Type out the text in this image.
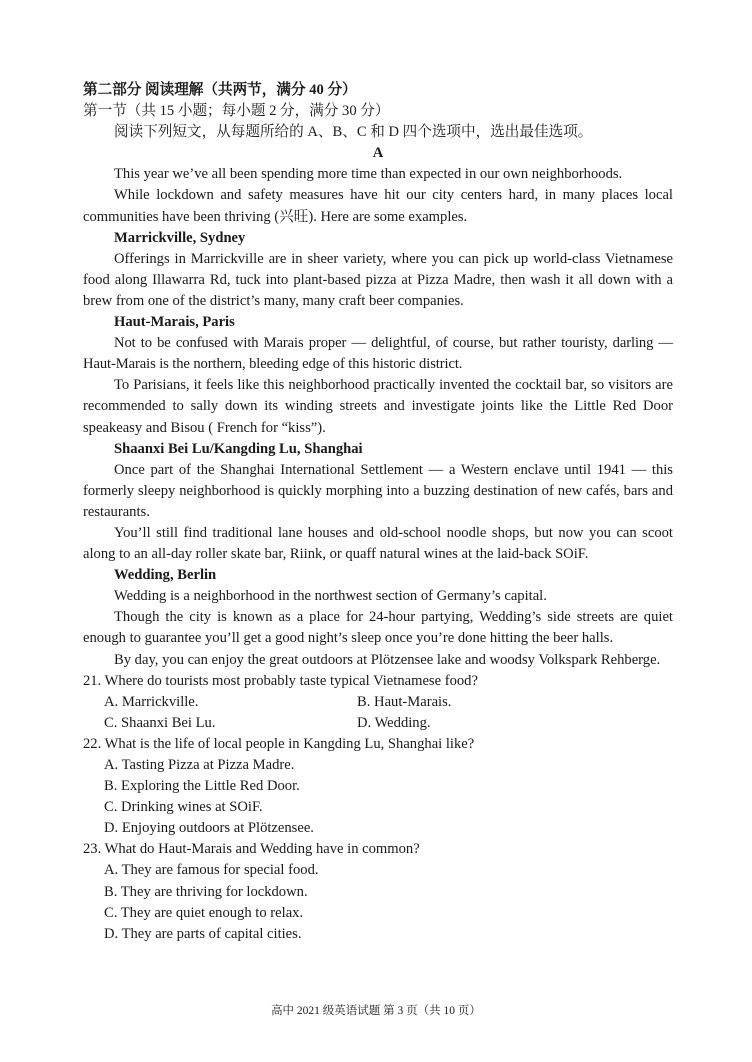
第二部分 阅读理解（共两节，满分 40 分）

第一节（共 15 小题；每小题 2 分，满分 30 分）

阅读下列短文，从每题所给的 A、B、C 和 D 四个选项中，选出最佳选项。

A

This year we’ve all been spending more time than expected in our own neighborhoods.

While lockdown and safety measures have hit our city centers hard, in many places local communities have been thriving (兴旺). Here are some examples.

Marrickville, Sydney

Offerings in Marrickville are in sheer variety, where you can pick up world-class Vietnamese food along Illawarra Rd, tuck into plant-based pizza at Pizza Madre, then wash it all down with a brew from one of the district’s many, many craft beer companies.

Haut-Marais, Paris

Not to be confused with Marais proper — delightful, of course, but rather touristy, darling — Haut-Marais is the northern, bleeding edge of this historic district.

To Parisians, it feels like this neighborhood practically invented the cocktail bar, so visitors are recommended to sally down its winding streets and investigate joints like the Little Red Door speakeasy and Bisou ( French for “kiss”).

Shaanxi Bei Lu/Kangding Lu, Shanghai

Once part of the Shanghai International Settlement — a Western enclave until 1941 — this formerly sleepy neighborhood is quickly morphing into a buzzing destination of new cafés, bars and restaurants.

You’ll still find traditional lane houses and old-school noodle shops, but now you can scoot along to an all-day roller skate bar, Riink, or quaff natural wines at the laid-back SOiF.

Wedding, Berlin

Wedding is a neighborhood in the northwest section of Germany’s capital.

Though the city is known as a place for 24-hour partying, Wedding’s side streets are quiet enough to guarantee you’ll get a good night’s sleep once you’re done hitting the beer halls.

By day, you can enjoy the great outdoors at Plötzensee lake and woodsy Volkspark Rehberge.

21. Where do tourists most probably taste typical Vietnamese food?

A. Marrickville.	B. Haut-Marais.
C. Shaanxi Bei Lu.	D. Wedding.

22. What is the life of local people in Kangding Lu, Shanghai like?

A. Tasting Pizza at Pizza Madre.

B. Exploring the Little Red Door.

C. Drinking wines at SOiF.

D. Enjoying outdoors at Plötzensee.

23. What do Haut-Marais and Wedding have in common?

A. They are famous for special food.

B. They are thriving for lockdown.

C. They are quiet enough to relax.

D. They are parts of capital cities.

高中 2021 级英语试题 第 3 页（共 10 页）
